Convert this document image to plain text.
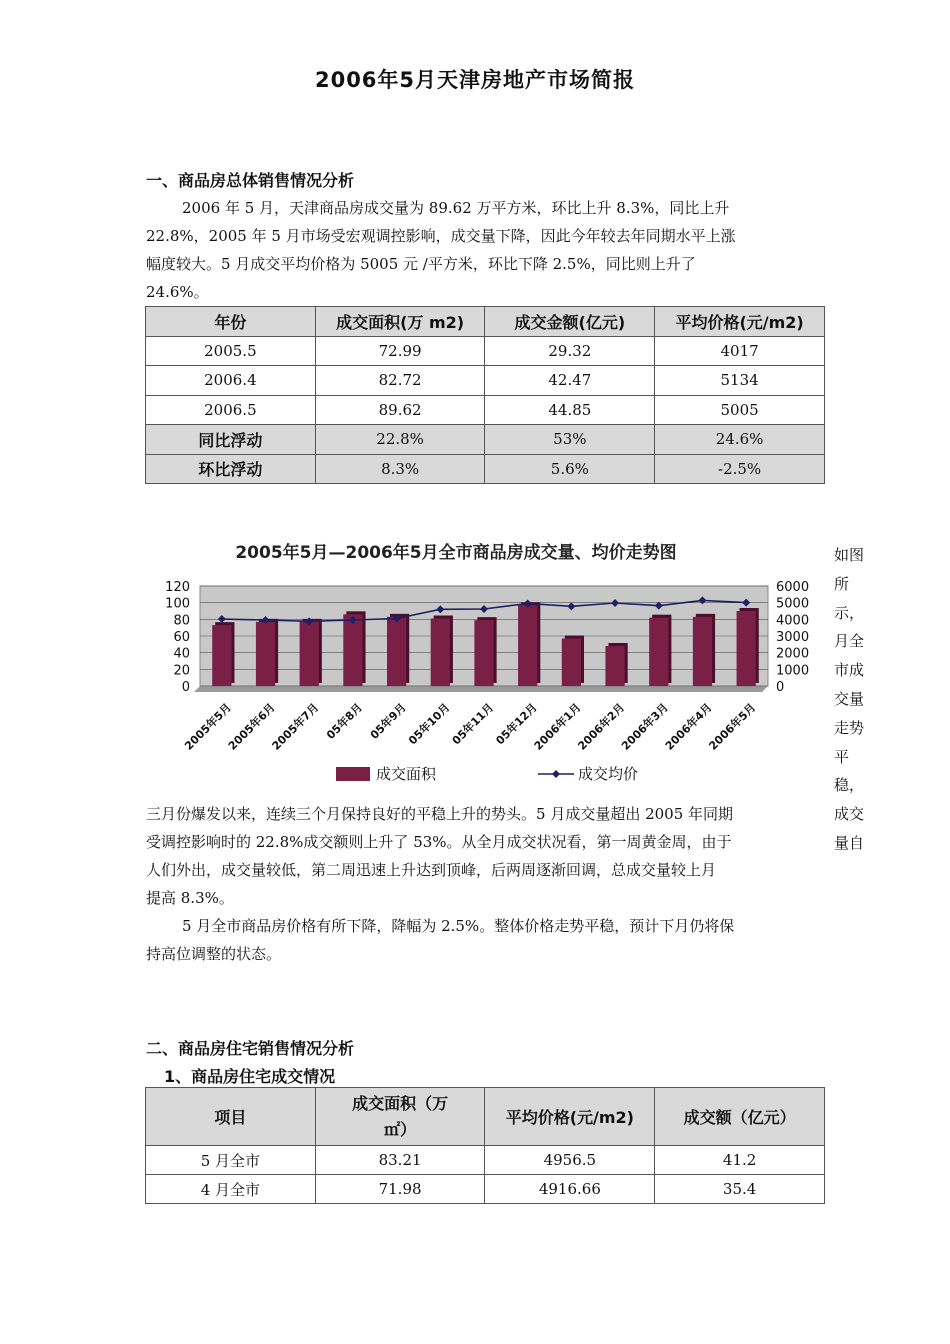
2006年5月天津房地产市场简报
一、商品房总体销售情况分析
2006 年 5 月，天津商品房成交量为 89.62 万平方米，环比上升 8.3%，同比上升
22.8%，2005 年 5 月市场受宏观调控影响，成交量下降，因此今年较去年同期水平上涨
幅度较大。5 月成交平均价格为 5005 元 /平方米，环比下降 2.5%，同比则上升了
24.6%。
年份	成交面积(万 m2)	成交金额(亿元)	平均价格(元/m2)
2005.5	72.99	29.32	4017
2006.4	82.72	42.47	5134
2006.5	89.62	44.85	5005
同比浮动	22.8%	53%	24.6%
环比浮动	8.3%	5.6%	-2.5%
2005年5月—2006年5月全市商品房成交量、均价走势图
0
20
40
60
80
100
120
0
1000
2000
3000
4000
5000
6000
2005年5月
2005年6月
2005年7月 05年8月 05年9月
05年10月
05年11月
05年12月
2006年1月
2006年2月
2006年3月
2006年4月
2006年5月
成交面积	成交均价
如图
所示，
月全
市成
交量
走势
平稳，
成交
量自
三月份爆发以来，连续三个月保持良好的平稳上升的势头。5 月成交量超出 2005 年同期
受调控影响时的 22.8%成交额则上升了 53%。从全月成交状况看，第一周黄金周，由于
人们外出，成交量较低，第二周迅速上升达到顶峰，后两周逐渐回调，总成交量较上月
提高 8.3%。
5 月全市商品房价格有所下降，降幅为 2.5%。整体价格走势平稳，预计下月仍将保
持高位调整的状态。
二、商品房住宅销售情况分析
1、商品房住宅成交情况
项目	成交面积（万
㎡）	平均价格(元/m2)	成交额（亿元）
5 月全市	83.21	4956.5	41.2
4 月全市	71.98	4916.66	35.4
